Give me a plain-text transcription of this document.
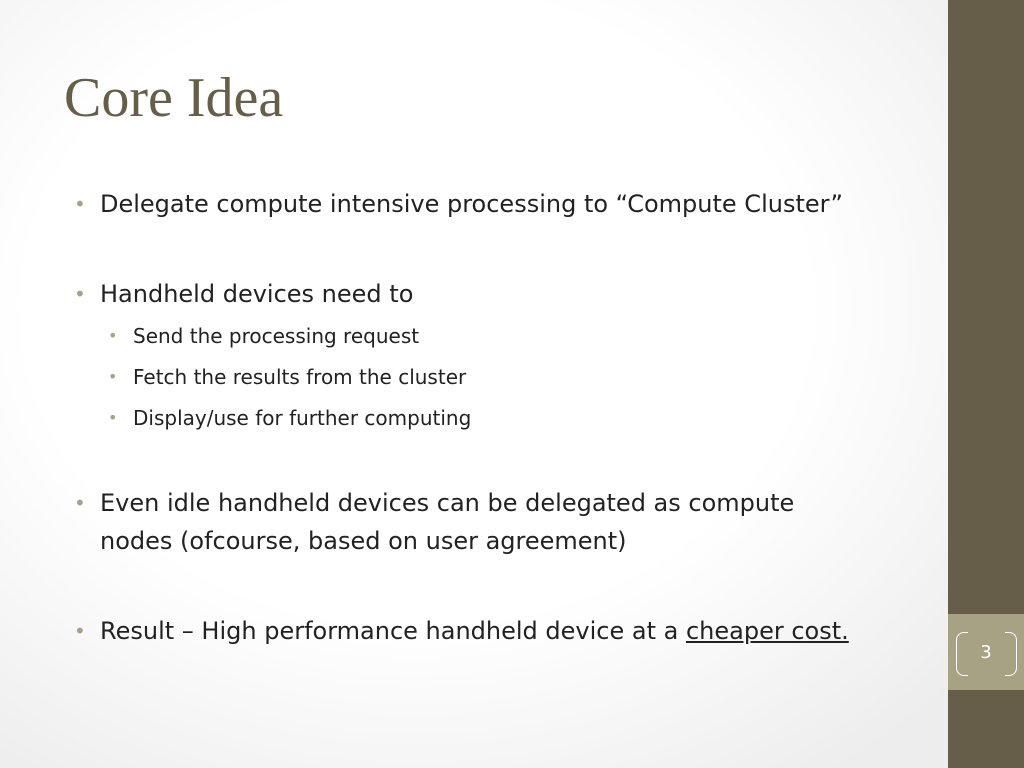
3
Core Idea
• Delegate compute intensive processing to “Compute Cluster”
• Handheld devices need to
• Send the processing request
• Fetch the results from the cluster
• Display/use for further computing
• Even idle handheld devices can be delegated as compute nodes (ofcourse, based on user agreement)
• Result – High performance handheld device at a cheaper cost.
